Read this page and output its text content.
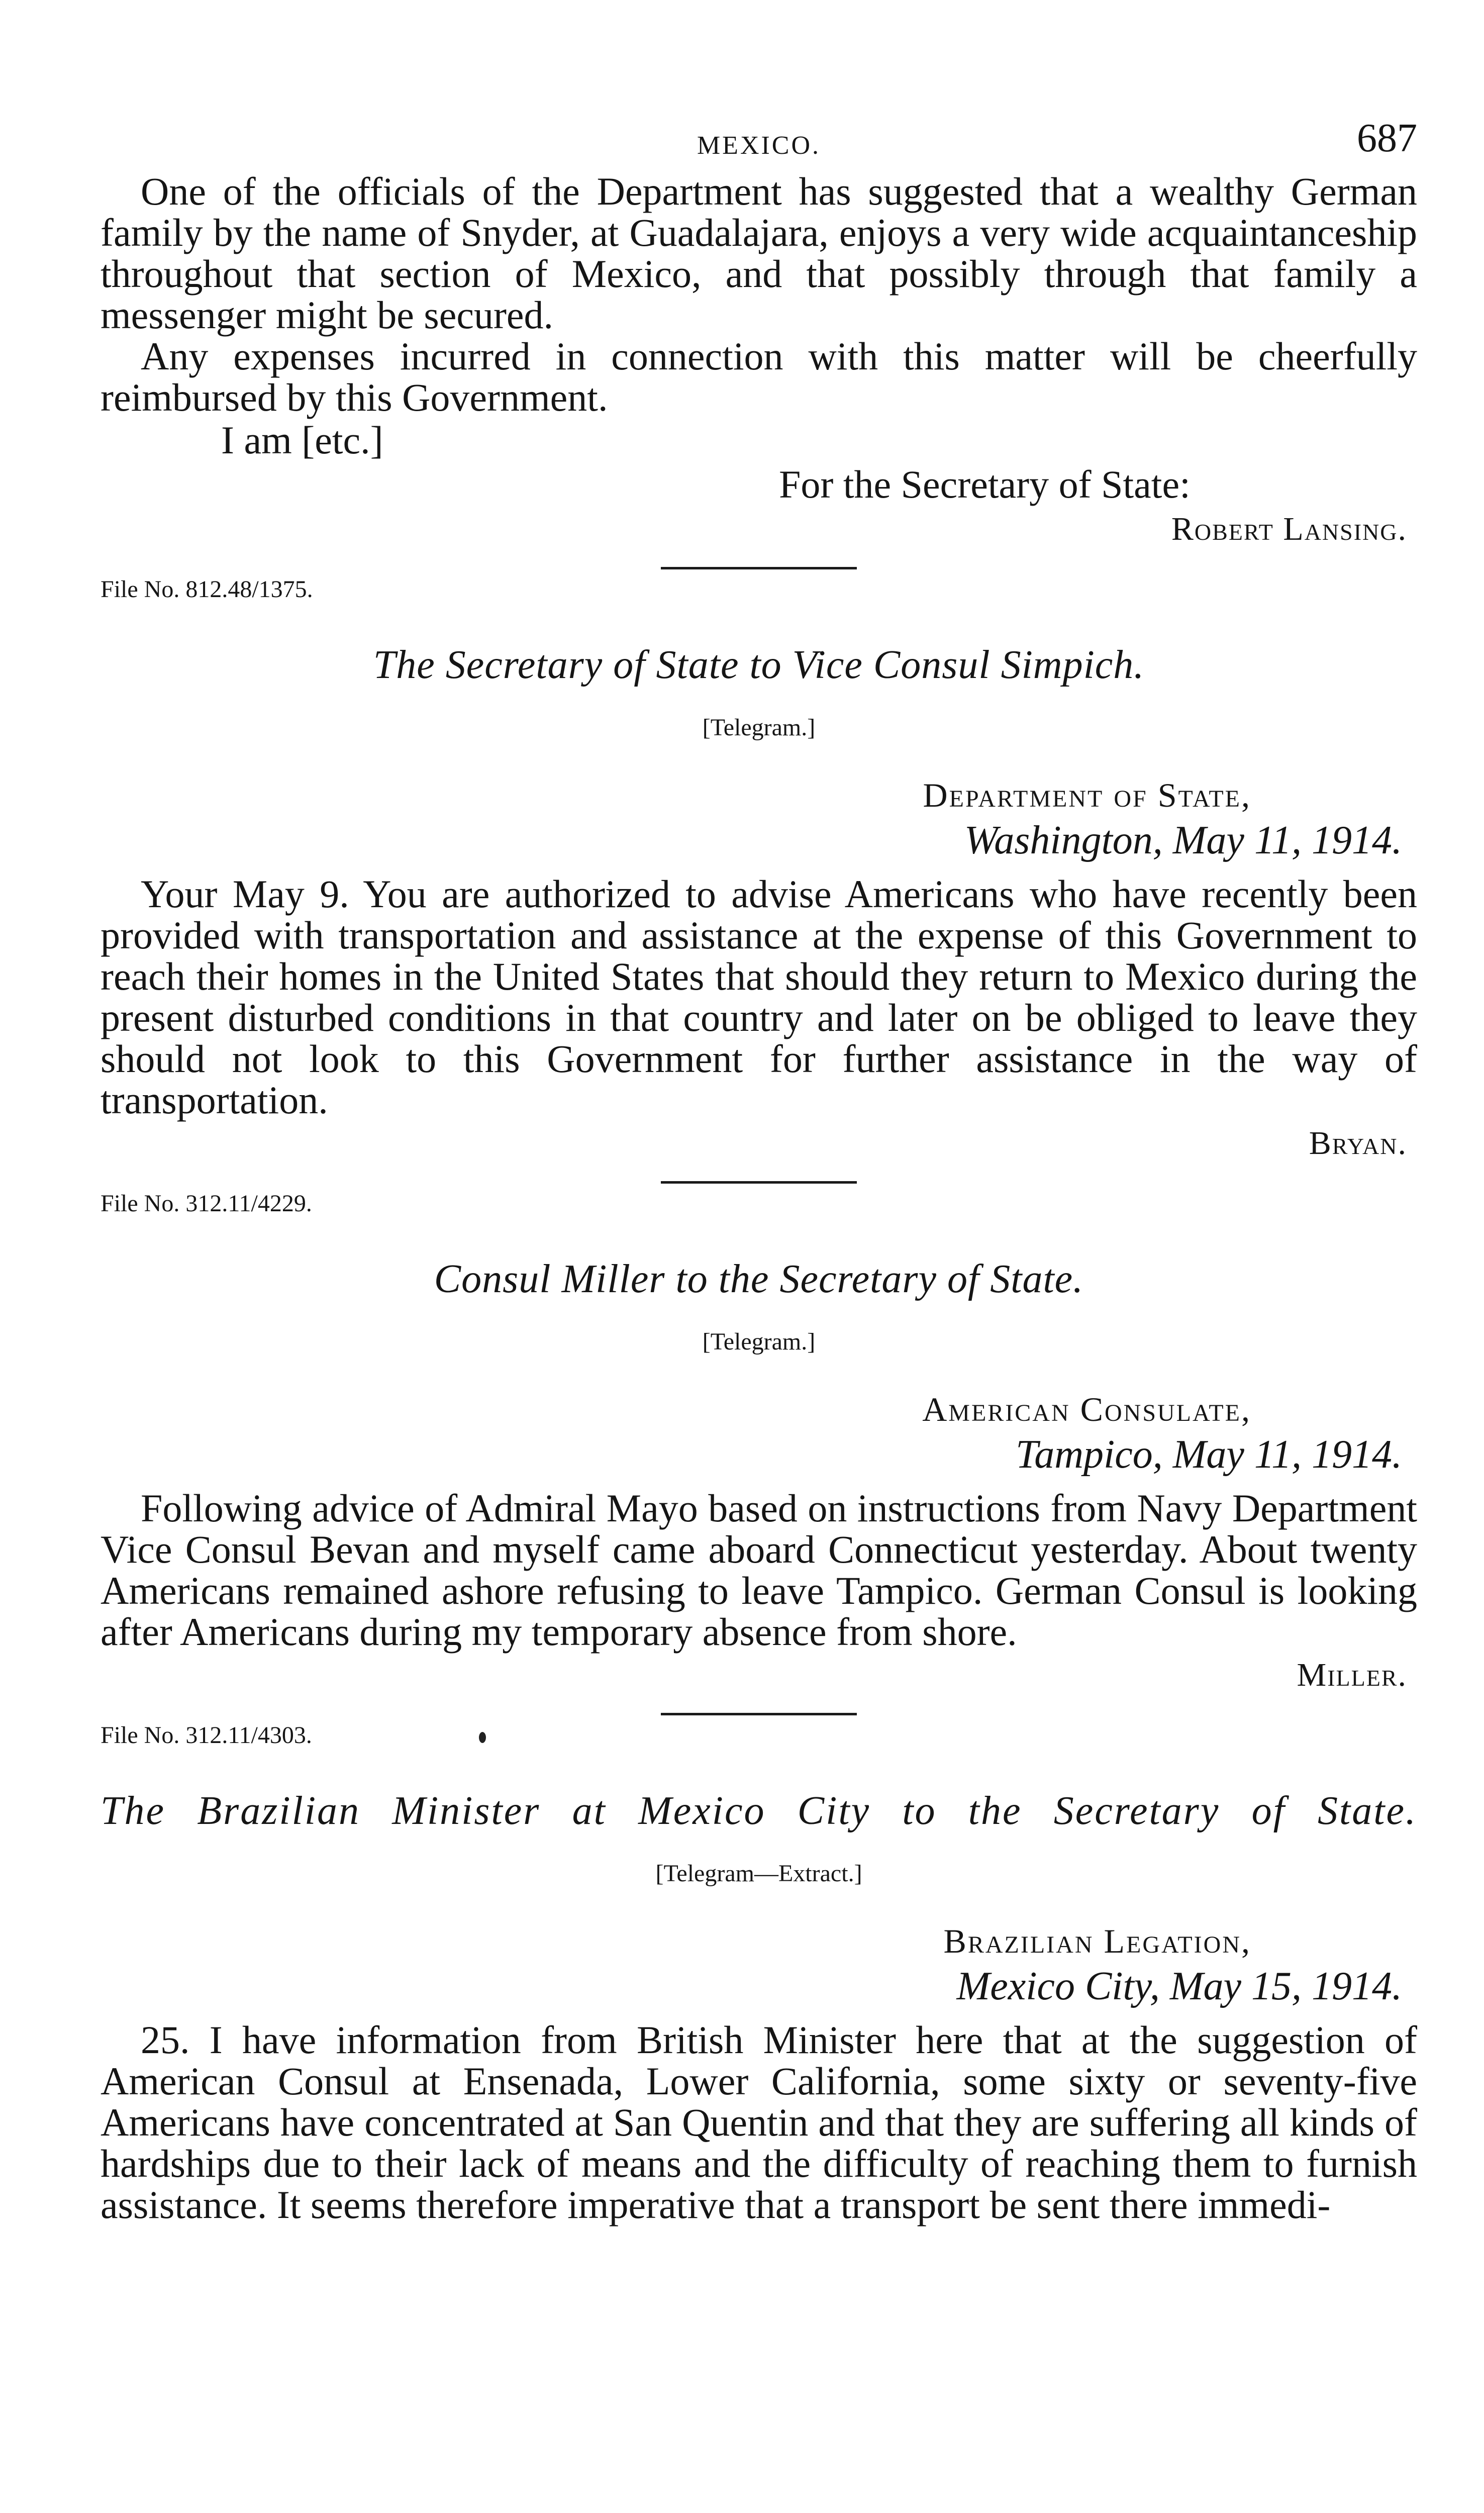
MEXICO.	687

One of the officials of the Department has suggested that a wealthy German family by the name of Snyder, at Guadalajara, enjoys a very wide acquaintanceship throughout that section of Mexico, and that possibly through that family a messenger might be secured.

Any expenses incurred in connection with this matter will be cheerfully reimbursed by this Government.

I am [etc.]
For the Secretary of State:
Robert Lansing.
File No. 812.48/1375.
The Secretary of State to Vice Consul Simpich.
[Telegram.]
Department of State,
Washington, May 11, 1914.

Your May 9. You are authorized to advise Americans who have recently been provided with transportation and assistance at the expense of this Government to reach their homes in the United States that should they return to Mexico during the present disturbed conditions in that country and later on be obliged to leave they should not look to this Government for further assistance in the way of transportation.

Bryan.
File No. 312.11/4229.
Consul Miller to the Secretary of State.
[Telegram.]
American Consulate,
Tampico, May 11, 1914.

Following advice of Admiral Mayo based on instructions from Navy Department Vice Consul Bevan and myself came aboard Connecticut yesterday. About twenty Americans remained ashore refusing to leave Tampico. German Consul is looking after Americans during my temporary absence from shore.

Miller.
File No. 312.11/4303.
The Brazilian Minister at Mexico City to the Secretary of State.
[Telegram—Extract.]
Brazilian Legation,
Mexico City, May 15, 1914.

25. I have information from British Minister here that at the suggestion of American Consul at Ensenada, Lower California, some sixty or seventy-five Americans have concentrated at San Quentin and that they are suffering all kinds of hardships due to their lack of means and the difficulty of reaching them to furnish assistance. It seems therefore imperative that a transport be sent there immedi-
